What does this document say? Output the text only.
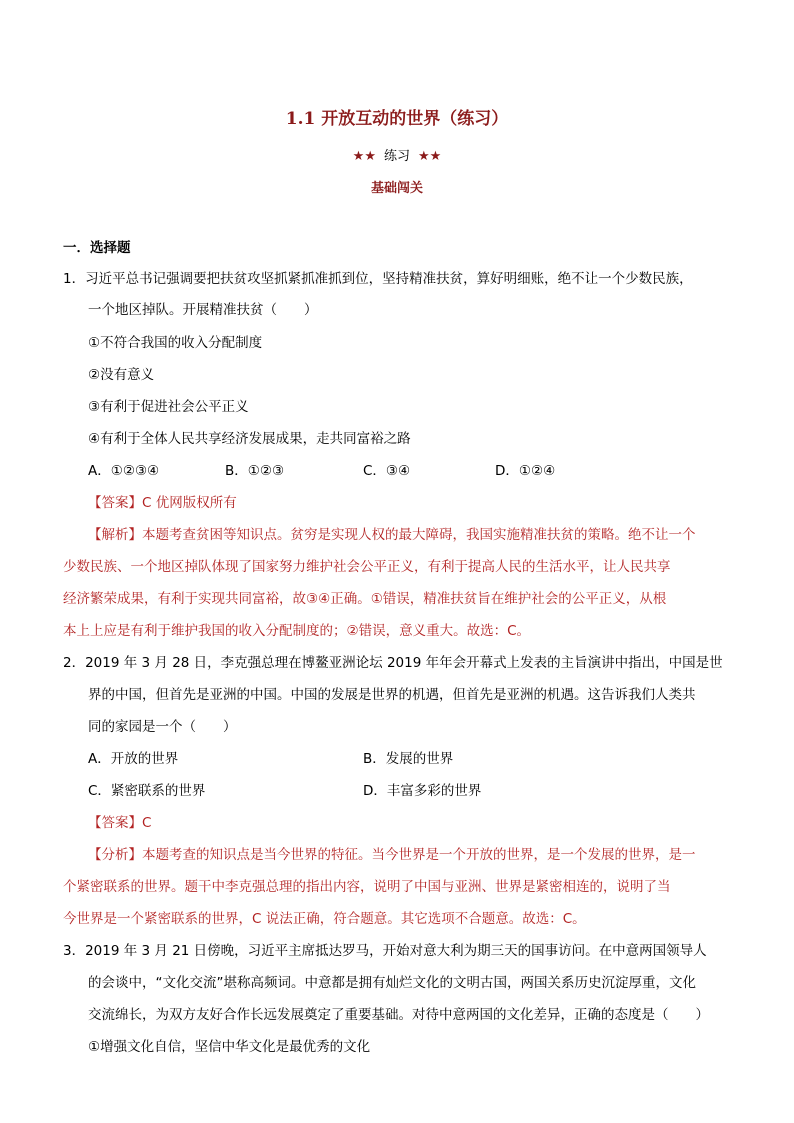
1.1 开放互动的世界（练习）
★★ 练习 ★★
基础闯关
一．选择题
1．习近平总书记强调要把扶贫攻坚抓紧抓准抓到位，坚持精准扶贫，算好明细账，绝不让一个少数民族，
一个地区掉队。开展精准扶贫（　　）
①不符合我国的收入分配制度
②没有意义
③有利于促进社会公平正义
④有利于全体人民共享经济发展成果，走共同富裕之路
A．①②③④	B．①②③	C．③④	D．①②④
【答案】C 优网版权所有
【解析】本题考查贫困等知识点。贫穷是实现人权的最大障碍，我国实施精准扶贫的策略。绝不让一个
少数民族、一个地区掉队体现了国家努力维护社会公平正义，有利于提高人民的生活水平，让人民共享
经济繁荣成果，有利于实现共同富裕，故③④正确。①错误，精准扶贫旨在维护社会的公平正义，从根
本上上应是有利于维护我国的收入分配制度的；②错误，意义重大。故选：C。
2．2019 年 3 月 28 日，李克强总理在博鳌亚洲论坛 2019 年年会开幕式上发表的主旨演讲中指出，中国是世
界的中国，但首先是亚洲的中国。中国的发展是世界的机遇，但首先是亚洲的机遇。这告诉我们人类共
同的家园是一个（　　）
A．开放的世界	B．发展的世界
C．紧密联系的世界	D．丰富多彩的世界
【答案】C
【分析】本题考查的知识点是当今世界的特征。当今世界是一个开放的世界，是一个发展的世界，是一
个紧密联系的世界。题干中李克强总理的指出内容，说明了中国与亚洲、世界是紧密相连的，说明了当
今世界是一个紧密联系的世界，C 说法正确，符合题意。其它选项不合题意。故选：C。
3．2019 年 3 月 21 日傍晚，习近平主席抵达罗马，开始对意大利为期三天的国事访问。在中意两国领导人
的会谈中，“文化交流”堪称高频词。中意都是拥有灿烂文化的文明古国，两国关系历史沉淀厚重，文化
交流绵长，为双方友好合作长远发展奠定了重要基础。对待中意两国的文化差异，正确的态度是（　　）
①增强文化自信，坚信中华文化是最优秀的文化
